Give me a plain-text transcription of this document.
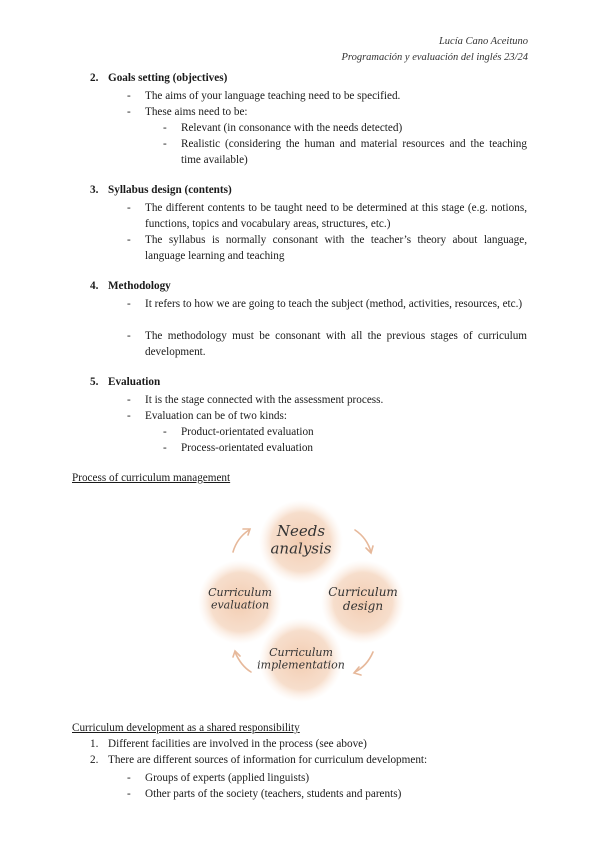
Lucía Cano Aceituno
Programación y evaluación del inglés 23/24
2. Goals setting (objectives)
- The aims of your language teaching need to be specified.
- These aims need to be:
- Relevant (in consonance with the needs detected)
- Realistic (considering the human and material resources and the teaching time available)
3. Syllabus design (contents)
- The different contents to be taught need to be determined at this stage (e.g. notions, functions, topics and vocabulary areas, structures, etc.)
- The syllabus is normally consonant with the teacher’s theory about language, language learning and teaching
4. Methodology
- It refers to how we are going to teach the subject (method, activities, resources, etc.)
- The methodology must be consonant with all the previous stages of curriculum development.
5. Evaluation
- It is the stage connected with the assessment process.
- Evaluation can be of two kinds:
- Product-orientated evaluation
- Process-orientated evaluation
Process of curriculum management
Needs analysis
Curriculum design
Curriculum implementation
Curriculum evaluation
Curriculum development as a shared responsibility
1. Different facilities are involved in the process (see above)
2. There are different sources of information for curriculum development:
- Groups of experts (applied linguists)
- Other parts of the society (teachers, students and parents)
